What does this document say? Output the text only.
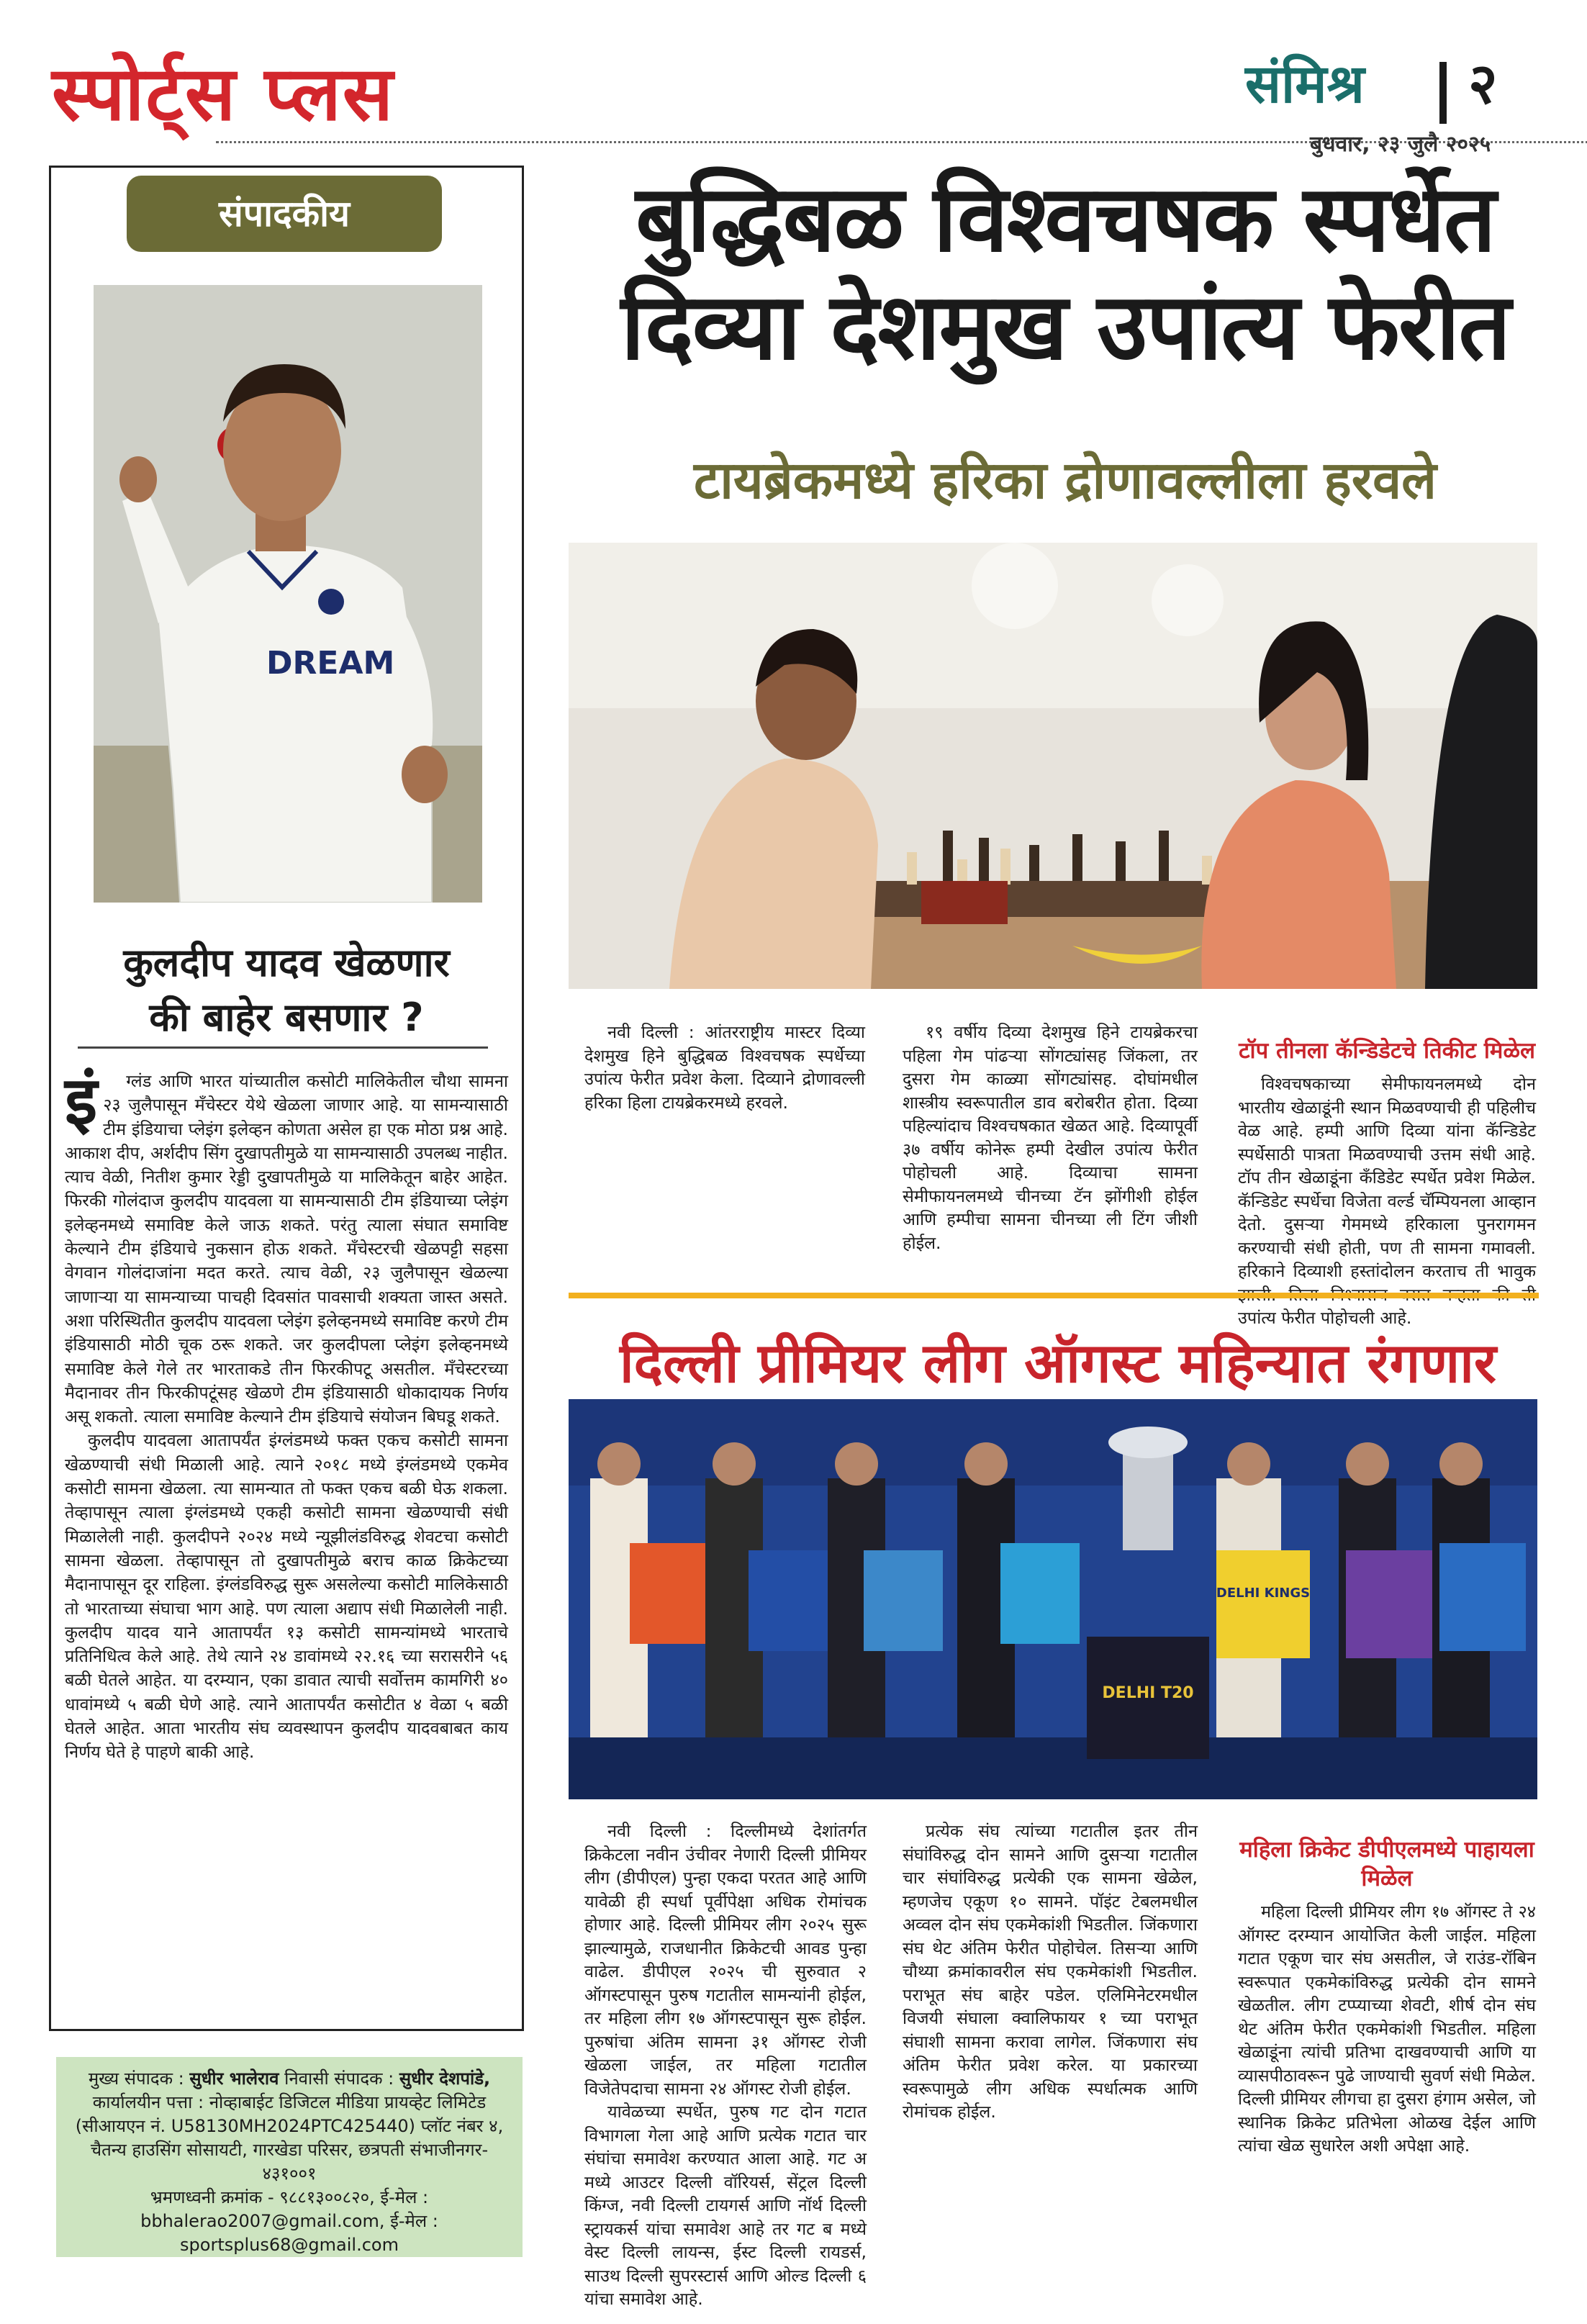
स्पोर्ट्स प्लस	संमिश्र २
बुधवार, २३ जुलै २०२५
संपादकीय
DREAM
कुलदीप यादव खेळणार
की बाहेर बसणार ?

इं ग्लंड आणि भारत यांच्यातील कसोटी मालिकेतील चौथा सामना २३ जुलैपासून मँचेस्टर येथे खेळला जाणार आहे. या सामन्यासाठी टीम इंडियाचा प्लेइंग इलेव्हन कोणता असेल हा एक मोठा प्रश्न आहे. आकाश दीप, अर्शदीप सिंग दुखापतीमुळे या सामन्यासाठी उपलब्ध नाहीत. त्याच वेळी, नितीश कुमार रेड्डी दुखापतीमुळे या मालिकेतून बाहेर आहेत. फिरकी गोलंदाज कुलदीप यादवला या सामन्यासाठी टीम इंडियाच्या प्लेइंग इलेव्हनमध्ये समाविष्ट केले जाऊ शकते. परंतु त्याला संघात समाविष्ट केल्याने टीम इंडियाचे नुकसान होऊ शकते. मँचेस्टरची खेळपट्टी सहसा वेगवान गोलंदाजांना मदत करते. त्याच वेळी, २३ जुलैपासून खेळल्या जाणाऱ्या या सामन्याच्या पाचही दिवसांत पावसाची शक्यता जास्त असते. अशा परिस्थितीत कुलदीप यादवला प्लेइंग इलेव्हनमध्ये समाविष्ट करणे टीम इंडियासाठी मोठी चूक ठरू शकते. जर कुलदीपला प्लेइंग इलेव्हनमध्ये समाविष्ट केले गेले तर भारताकडे तीन फिरकीपटू असतील. मँचेस्टरच्या मैदानावर तीन फिरकीपटूंसह खेळणे टीम इंडियासाठी धोकादायक निर्णय असू शकतो. त्याला समाविष्ट केल्याने टीम इंडियाचे संयोजन बिघडू शकते.

कुलदीप यादवला आतापर्यंत इंग्लंडमध्ये फक्त एकच कसोटी सामना खेळण्याची संधी मिळाली आहे. त्याने २०१८ मध्ये इंग्लंडमध्ये एकमेव कसोटी सामना खेळला. त्या सामन्यात तो फक्त एकच बळी घेऊ शकला. तेव्हापासून त्याला इंग्लंडमध्ये एकही कसोटी सामना खेळण्याची संधी मिळालेली नाही. कुलदीपने २०२४ मध्ये न्यूझीलंडविरुद्ध शेवटचा कसोटी सामना खेळला. तेव्हापासून तो दुखापतीमुळे बराच काळ क्रिकेटच्या मैदानापासून दूर राहिला. इंग्लंडविरुद्ध सुरू असलेल्या कसोटी मालिकेसाठी तो भारताच्या संघाचा भाग आहे. पण त्याला अद्याप संधी मिळालेली नाही. कुलदीप यादव याने आतापर्यंत १३ कसोटी सामन्यांमध्ये भारताचे प्रतिनिधित्व केले आहे. तेथे त्याने २४ डावांमध्ये २२.१६ च्या सरासरीने ५६ बळी घेतले आहेत. या दरम्यान, एका डावात त्याची सर्वोत्तम कामगिरी ४० धावांमध्ये ५ बळी घेणे आहे. त्याने आतापर्यंत कसोटीत ४ वेळा ५ बळी घेतले आहेत. आता भारतीय संघ व्यवस्थापन कुलदीप यादवबाबत काय निर्णय घेते हे पाहणे बाकी आहे.

मुख्य संपादक : सुधीर भालेराव निवासी संपादक : सुधीर देशपांडे,
कार्यालयीन पत्ता : नोव्हाबाईट डिजिटल मीडिया प्रायव्हेट लिमिटेड (सीआयएन नं. U58130MH2024PTC425440) प्लॉट नंबर ४, चैतन्य हाउसिंग सोसायटी, गारखेडा परिसर, छत्रपती संभाजीनगर- ४३१००१
भ्रमणध्वनी क्रमांक - ९८८१३००८२०, ई-मेल : bbhalerao2007@gmail.com, ई-मेल : sportsplus68@gmail.com
बुद्धिबळ विश्वचषक स्पर्धेत
दिव्या देशमुख उपांत्य फेरीत
टायब्रेकमध्ये हरिका द्रोणावल्लीला हरवले

नवी दिल्ली : आंतरराष्ट्रीय मास्टर दिव्या देशमुख हिने बुद्धिबळ विश्वचषक स्पर्धेच्या उपांत्य फेरीत प्रवेश केला. दिव्याने द्रोणावल्ली हरिका हिला टायब्रेकरमध्ये हरवले.

१९ वर्षीय दिव्या देशमुख हिने टायब्रेकरचा पहिला गेम पांढऱ्या सोंगट्यांसह जिंकला, तर दुसरा गेम काळ्या सोंगट्यांसह. दोघांमधील शास्त्रीय स्वरूपातील डाव बरोबरीत होता. दिव्या पहिल्यांदाच विश्वचषकात खेळत आहे. दिव्यापूर्वी ३७ वर्षीय कोनेरू हम्पी देखील उपांत्य फेरीत पोहोचली आहे. दिव्याचा सामना सेमीफायनलमध्ये चीनच्या टॅन झोंगीशी होईल आणि हम्पीचा सामना चीनच्या ली टिंग जीशी होईल.

टॉप तीनला कॅन्डिडेटचे तिकीट मिळेल

विश्वचषकाच्या सेमीफायनलमध्ये दोन भारतीय खेळाडूंनी स्थान मिळवण्याची ही पहिलीच वेळ आहे. हम्पी आणि दिव्या यांना कॅन्डिडेट स्पर्धेसाठी पात्रता मिळवण्याची उत्तम संधी आहे. टॉप तीन खेळाडूंना कँडिडेट स्पर्धेत प्रवेश मिळेल. कॅन्डिडेट स्पर्धेचा विजेता वर्ल्ड चॅम्पियनला आव्हान देतो. दुसऱ्या गेममध्ये हरिकाला पुनरागमन करण्याची संधी होती, पण ती सामना गमावली. हरिकाने दिव्याशी हस्तांदोलन करताच ती भावुक उपांत्य फेरीत पोहोचली आहे.

दिल्ली प्रीमियर लीग ऑगस्ट महिन्यात रंगणार
DELHI T20
DELHI KINGS

नवी दिल्ली : दिल्लीमध्ये देशांतर्गत क्रिकेटला नवीन उंचीवर नेणारी दिल्ली प्रीमियर लीग (डीपीएल) पुन्हा एकदा परतत आहे आणि यावेळी ही स्पर्धा पूर्वीपेक्षा अधिक रोमांचक होणार आहे. दिल्ली प्रीमियर लीग २०२५ सुरू झाल्यामुळे, राजधानीत क्रिकेटची आवड पुन्हा वाढेल. डीपीएल २०२५ ची सुरुवात २ ऑगस्टपासून पुरुष गटातील सामन्यांनी होईल, तर महिला लीग १७ ऑगस्टपासून सुरू होईल. पुरुषांचा अंतिम सामना ३१ ऑगस्ट रोजी खेळला जाईल, तर महिला गटातील विजेतेपदाचा सामना २४ ऑगस्ट रोजी होईल.

यावेळच्या स्पर्धेत, पुरुष गट दोन गटात विभागला गेला आहे आणि प्रत्येक गटात चार संघांचा समावेश करण्यात आला आहे. गट अ मध्ये आउटर दिल्ली वॉरियर्स, सेंट्रल दिल्ली किंग्ज, नवी दिल्ली टायगर्स आणि नॉर्थ दिल्ली स्ट्रायकर्स यांचा समावेश आहे तर गट ब मध्ये वेस्ट दिल्ली लायन्स, ईस्ट दिल्ली रायडर्स, साउथ दिल्ली सुपरस्टार्स आणि ओल्ड दिल्ली ६ यांचा समावेश आहे.

प्रत्येक संघ त्यांच्या गटातील इतर तीन संघांविरुद्ध दोन सामने आणि दुसऱ्या गटातील चार संघांविरुद्ध प्रत्येकी एक सामना खेळेल, म्हणजेच एकूण १० सामने. पॉइंट टेबलमधील अव्वल दोन संघ एकमेकांशी भिडतील. जिंकणारा संघ थेट अंतिम फेरीत पोहोचेल. तिसऱ्या आणि चौथ्या क्रमांकावरील संघ एकमेकांशी भिडतील. पराभूत संघ बाहेर पडेल. एलिमिनेटरमधील विजयी संघाला क्वालिफायर १ च्या पराभूत संघाशी सामना करावा लागेल. जिंकणारा संघ अंतिम फेरीत प्रवेश करेल. या प्रकारच्या स्वरूपामुळे लीग अधिक स्पर्धात्मक आणि रोमांचक होईल.

महिला क्रिकेट डीपीएलमध्ये पाहायला मिळेल

महिला दिल्ली प्रीमियर लीग १७ ऑगस्ट ते २४ ऑगस्ट दरम्यान आयोजित केली जाईल. महिला गटात एकूण चार संघ असतील, जे राउंड-रॉबिन स्वरूपात एकमेकांविरुद्ध प्रत्येकी दोन सामने खेळतील. लीग टप्प्याच्या शेवटी, शीर्ष दोन संघ थेट अंतिम फेरीत एकमेकांशी भिडतील. महिला खेळाडूंना त्यांची प्रतिभा दाखवण्याची आणि या व्यासपीठावरून पुढे जाण्याची सुवर्ण संधी मिळेल. दिल्ली प्रीमियर लीगचा हा दुसरा हंगाम असेल, जो स्थानिक क्रिकेट प्रतिभेला ओळख देईल आणि त्यांचा खेळ सुधारेल अशी अपेक्षा आहे.
